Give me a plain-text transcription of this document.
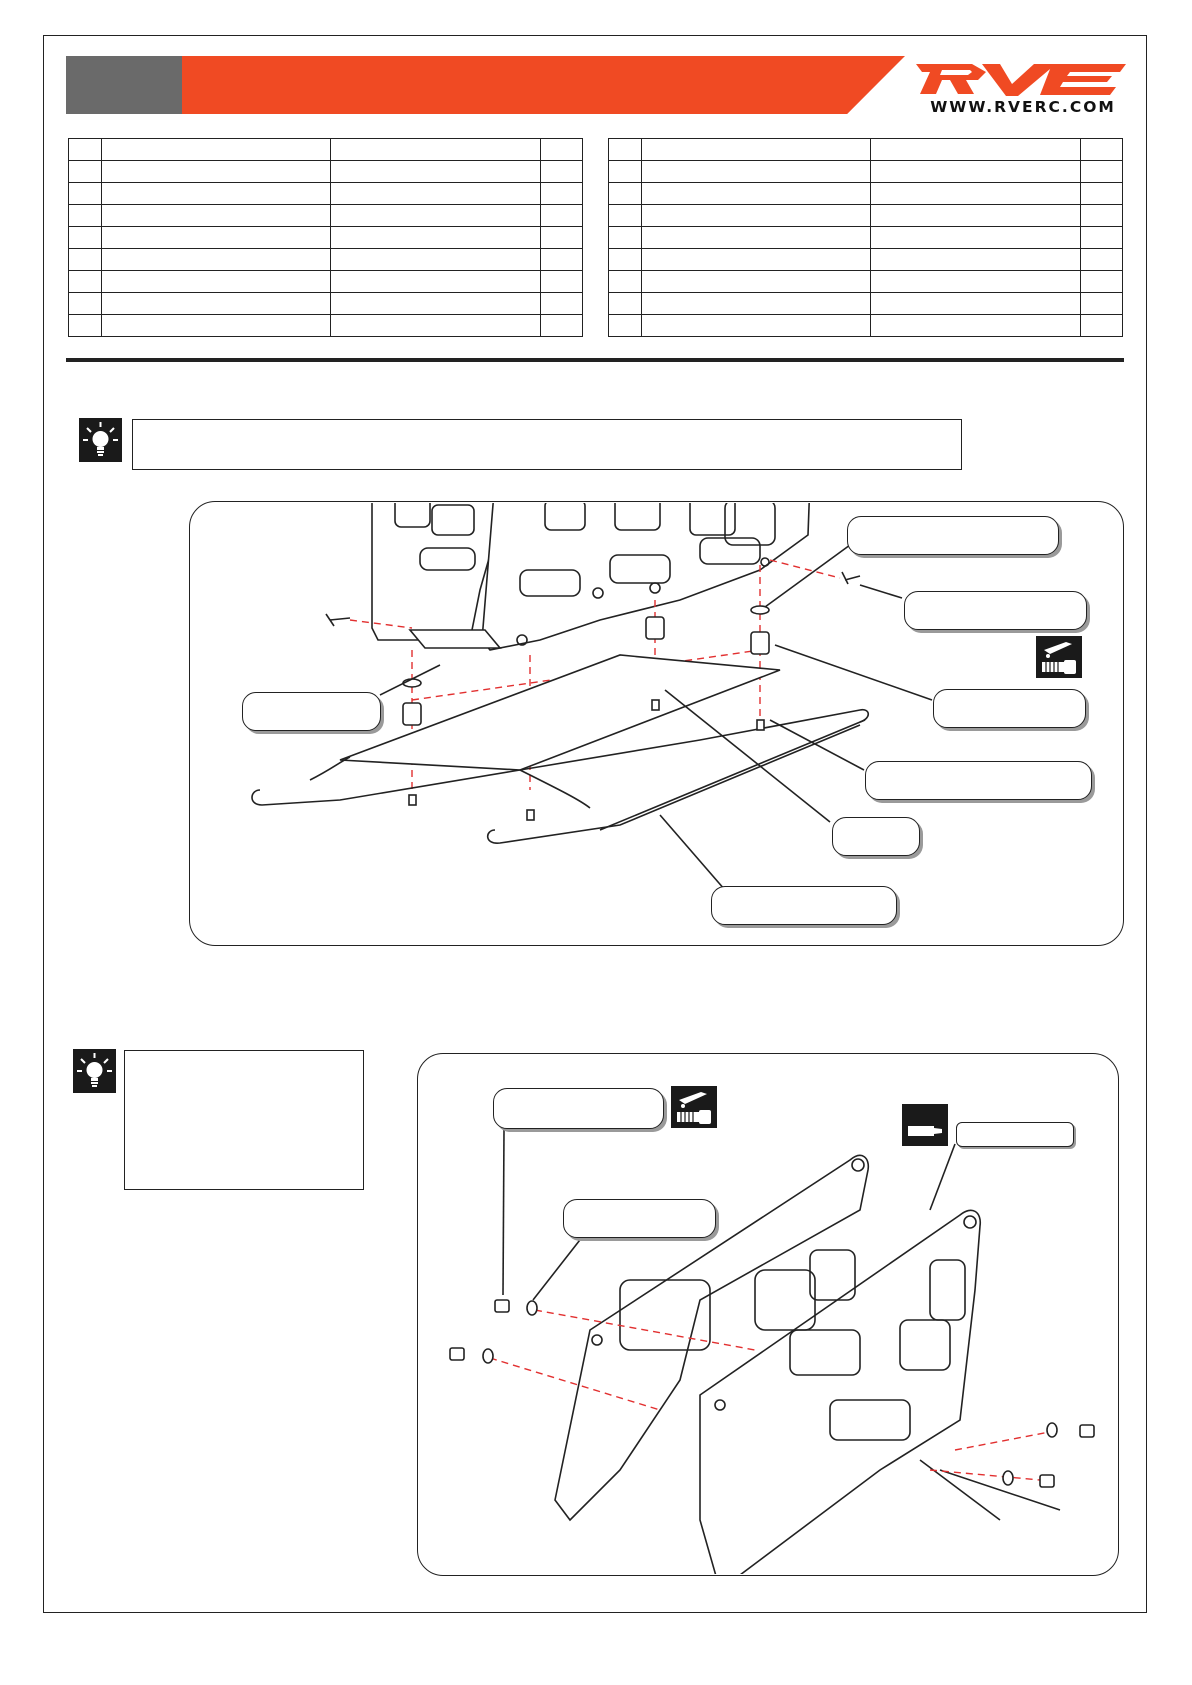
WWW.RVERC.COM
